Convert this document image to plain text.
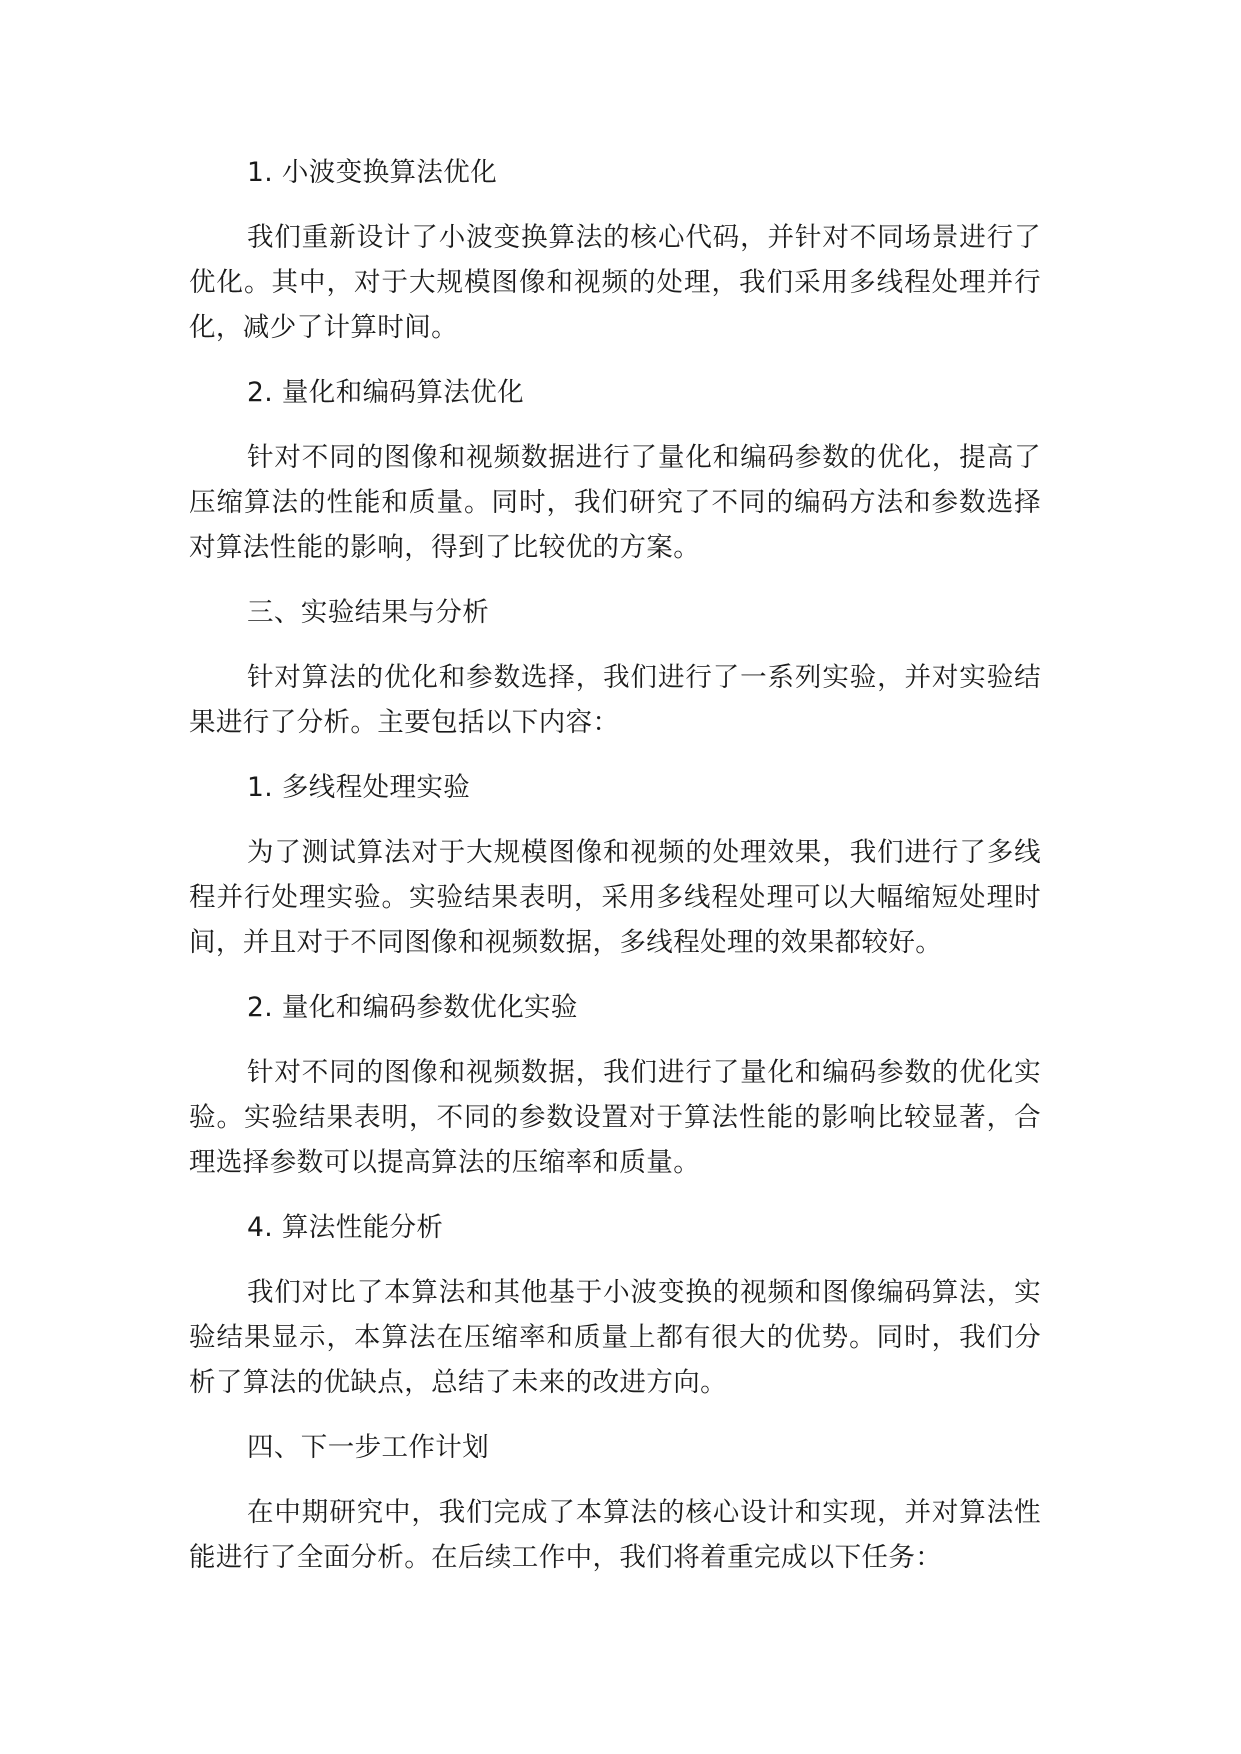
1. 小波变换算法优化

我们重新设计了小波变换算法的核心代码，并针对不同场景进行了优化。其中，对于大规模图像和视频的处理，我们采用多线程处理并行化，减少了计算时间。

2. 量化和编码算法优化

针对不同的图像和视频数据进行了量化和编码参数的优化，提高了压缩算法的性能和质量。同时，我们研究了不同的编码方法和参数选择对算法性能的影响，得到了比较优的方案。

三、实验结果与分析

针对算法的优化和参数选择，我们进行了一系列实验，并对实验结果进行了分析。主要包括以下内容：

1. 多线程处理实验

为了测试算法对于大规模图像和视频的处理效果，我们进行了多线程并行处理实验。实验结果表明，采用多线程处理可以大幅缩短处理时间，并且对于不同图像和视频数据，多线程处理的效果都较好。

2. 量化和编码参数优化实验

针对不同的图像和视频数据，我们进行了量化和编码参数的优化实验。实验结果表明，不同的参数设置对于算法性能的影响比较显著，合理选择参数可以提高算法的压缩率和质量。

4. 算法性能分析

我们对比了本算法和其他基于小波变换的视频和图像编码算法，实验结果显示，本算法在压缩率和质量上都有很大的优势。同时，我们分析了算法的优缺点，总结了未来的改进方向。

四、下一步工作计划

在中期研究中，我们完成了本算法的核心设计和实现，并对算法性能进行了全面分析。在后续工作中，我们将着重完成以下任务：
